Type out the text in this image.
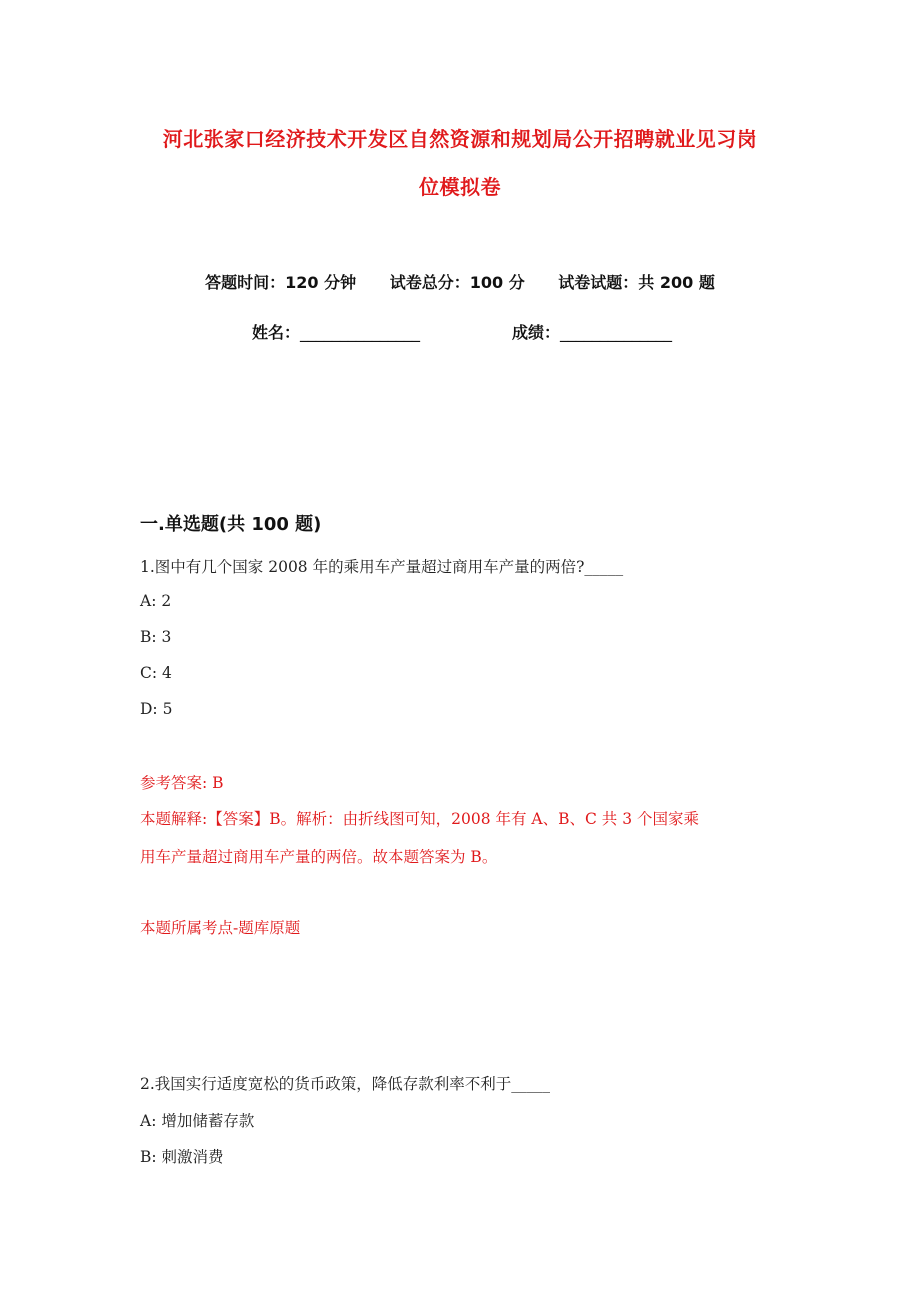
河北张家口经济技术开发区自然资源和规划局公开招聘就业见习岗
位模拟卷
答题时间：120 分钟 试卷总分：100 分 试卷试题：共 200 题
姓名：_______________	成绩：______________
一.单选题(共 100 题)
1.图中有几个国家 2008 年的乘用车产量超过商用车产量的两倍?_____
A: 2
B: 3
C: 4
D: 5
参考答案: B
本题解释:【答案】B。解析：由折线图可知，2008 年有 A、B、C 共 3 个国家乘
用车产量超过商用车产量的两倍。故本题答案为 B。
本题所属考点-题库原题
2.我国实行适度宽松的货币政策，降低存款利率不利于_____
A: 增加储蓄存款
B: 刺激消费
